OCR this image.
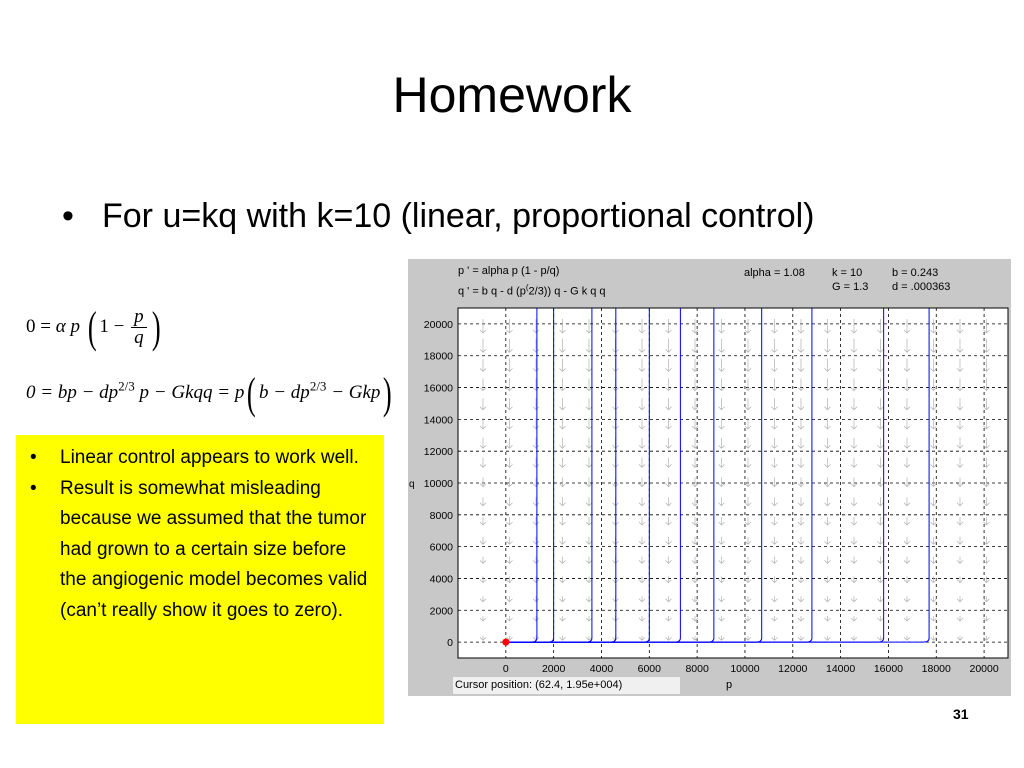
Homework
• For u=kq with k=10 (linear, proportional control)
0 = α p ( $1 - \frac{p}{q}$ )
0 = bp − $dp^{2/3}$ p − Gkqq = p( $b - dp^{2/3} - Gkp$)
• Linear control appears to work well.
• Result is somewhat misleading because we assumed that the tumor had grown to a certain size before the angiogenic model becomes valid (can’t really show it goes to zero).
p ' = alpha p (1 - p/q)
q ' = b q - d (p(2/3)) q - G k q q
alpha = 1.08 k = 10	b = 0.243
G = 1.3 d = .000363
q
p
0	2000 4000 6000 8000 10000 12000 14000 16000 18000 20000
0
2000
4000
6000
8000
10000
12000
14000
16000
18000
20000
Cursor position: (62.4, 1.95e+004)
31
